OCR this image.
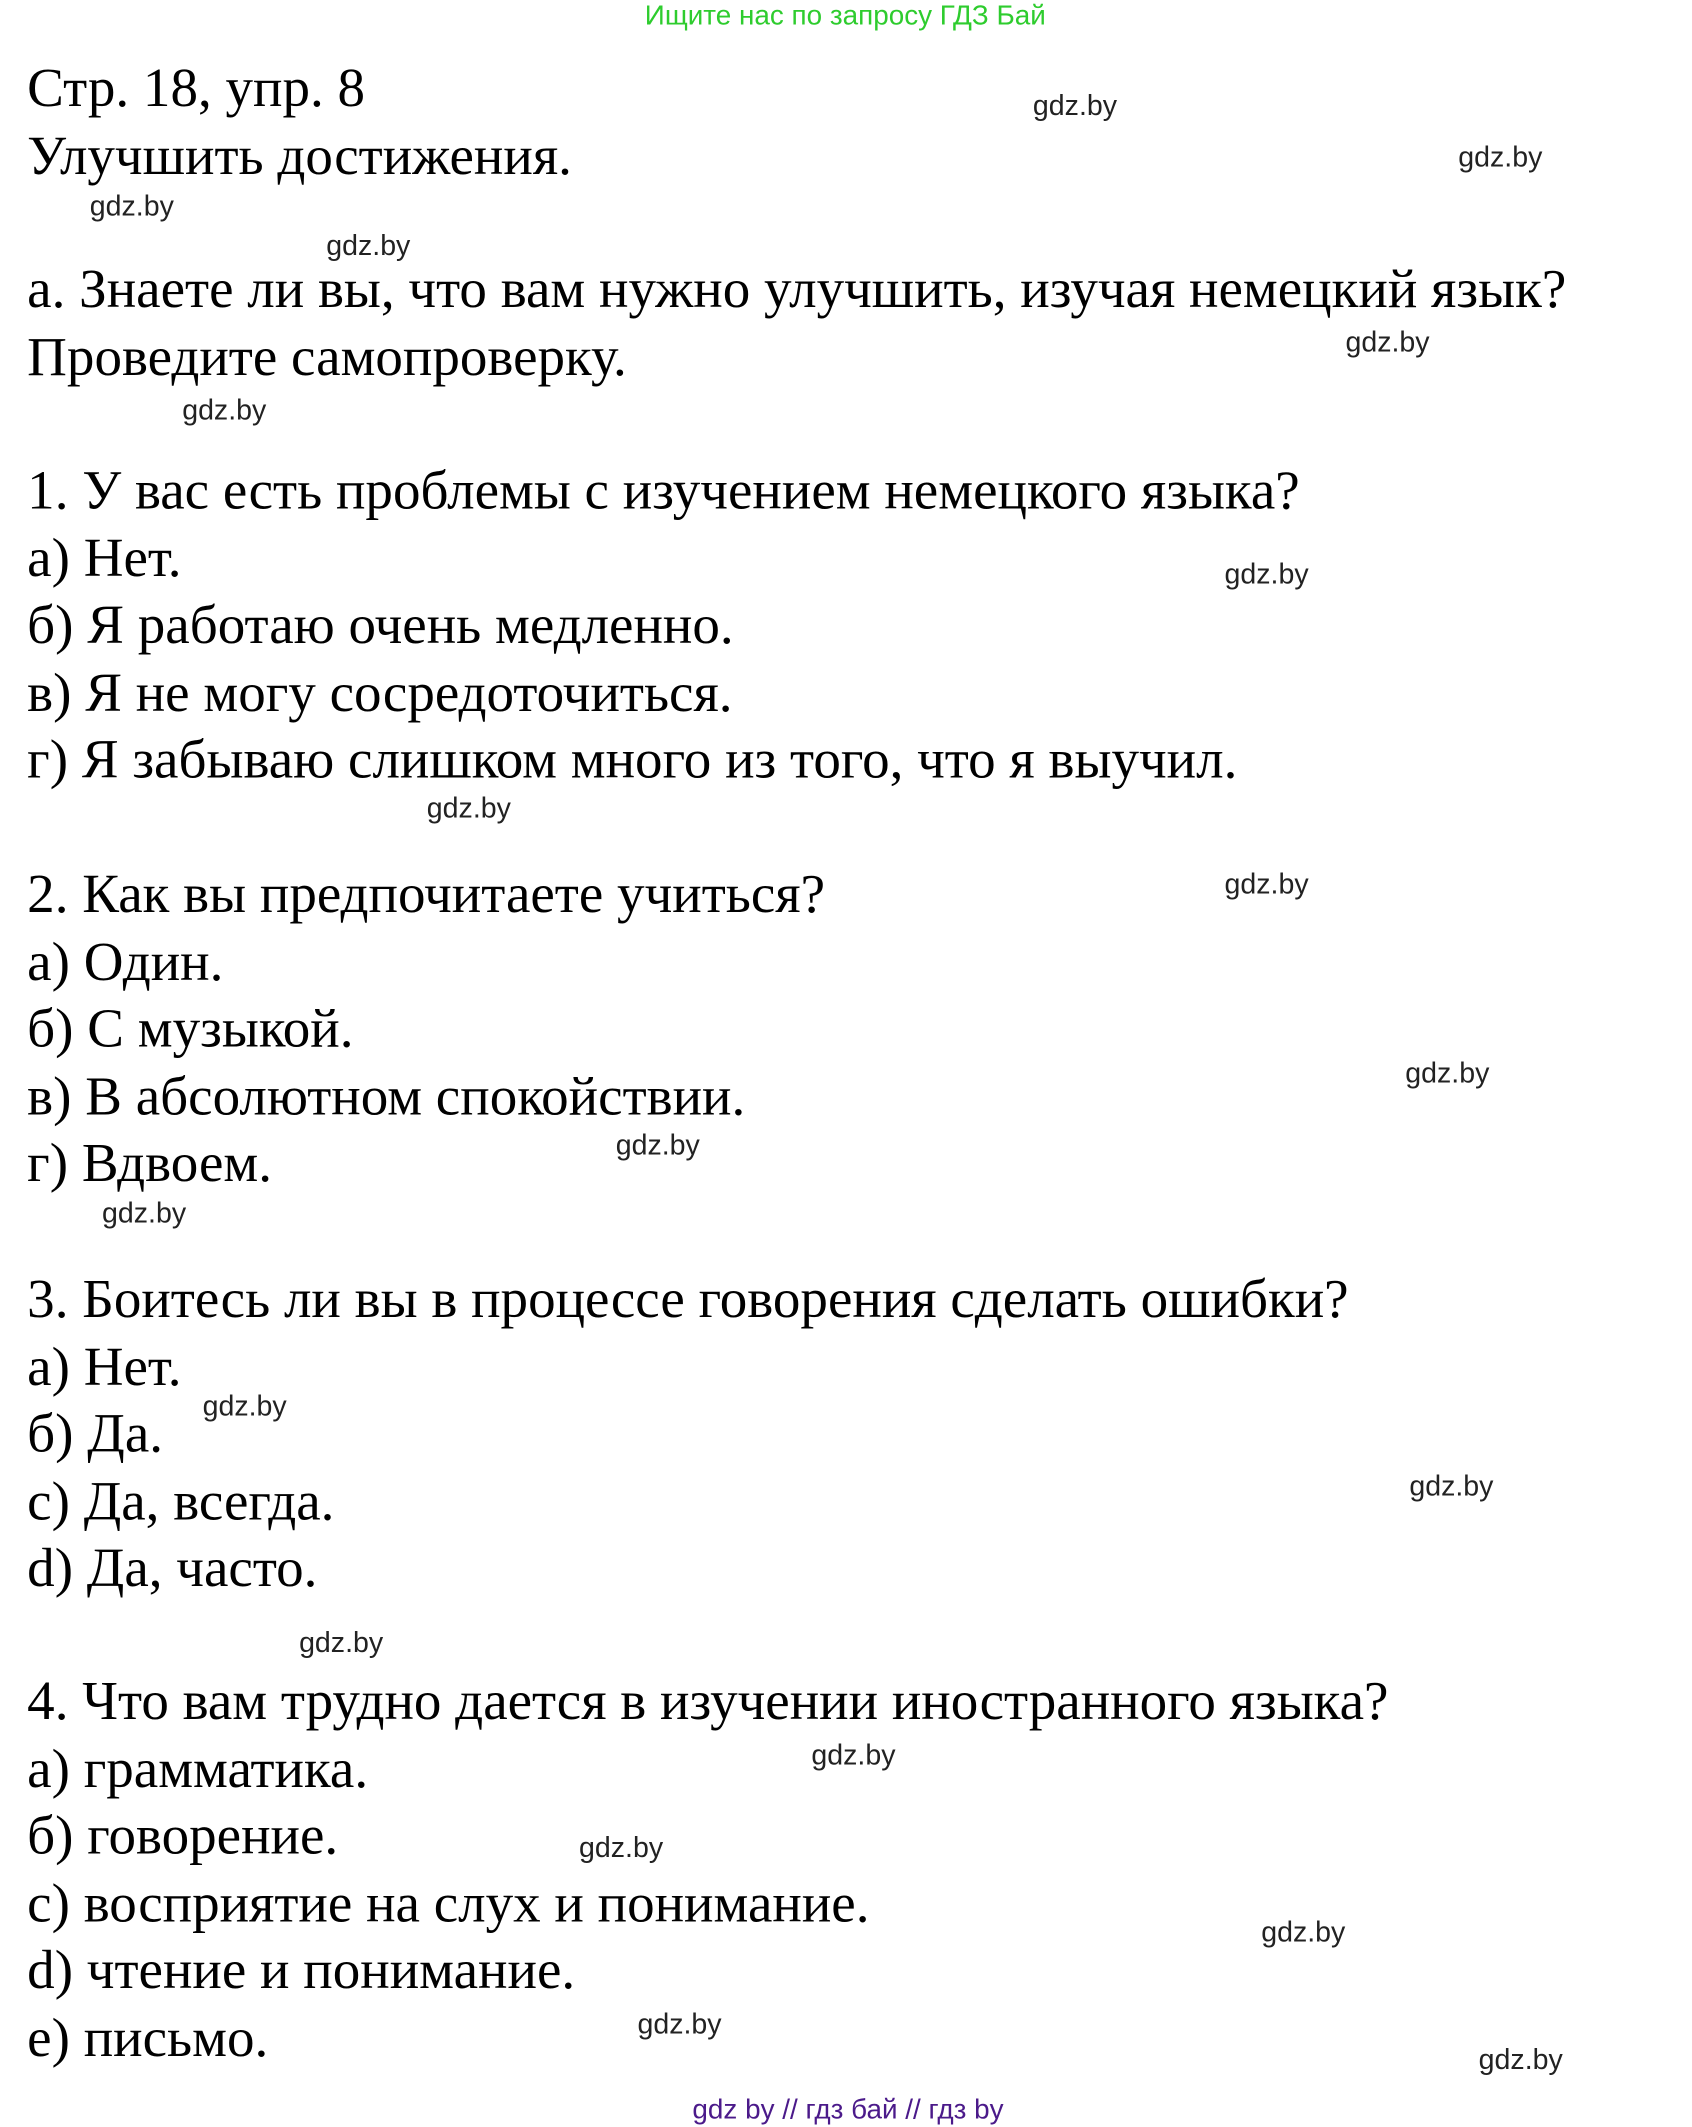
Ищите нас по запросу ГДЗ Бай
Стр. 18, упр. 8
Улучшить достижения.
а. Знаете ли вы, что вам нужно улучшить, изучая немецкий язык?
Проведите самопроверку.
1. У вас есть проблемы с изучением немецкого языка?
а) Нет.
б) Я работаю очень медленно.
в) Я не могу сосредоточиться.
г) Я забываю слишком много из того, что я выучил.
2. Как вы предпочитаете учиться?
а) Один.
б) С музыкой.
в) В абсолютном спокойствии.
г) Вдвоем.
3. Боитесь ли вы в процессе говорения сделать ошибки?
а) Нет.
б) Да.
с) Да, всегда.
d) Да, часто.
4. Что вам трудно дается в изучении иностранного языка?
а) грамматика.
б) говорение.
с) восприятие на слух и понимание.
d) чтение и понимание.
е) письмо.
gdz.by
gdz.by
gdz.by
gdz.by
gdz.by
gdz.by
gdz.by
gdz.by
gdz.by
gdz.by
gdz.by
gdz.by
gdz.by
gdz.by
gdz.by
gdz.by
gdz.by
gdz.by
gdz.by
gdz.by
gdz by // гдз бай // гдз by
